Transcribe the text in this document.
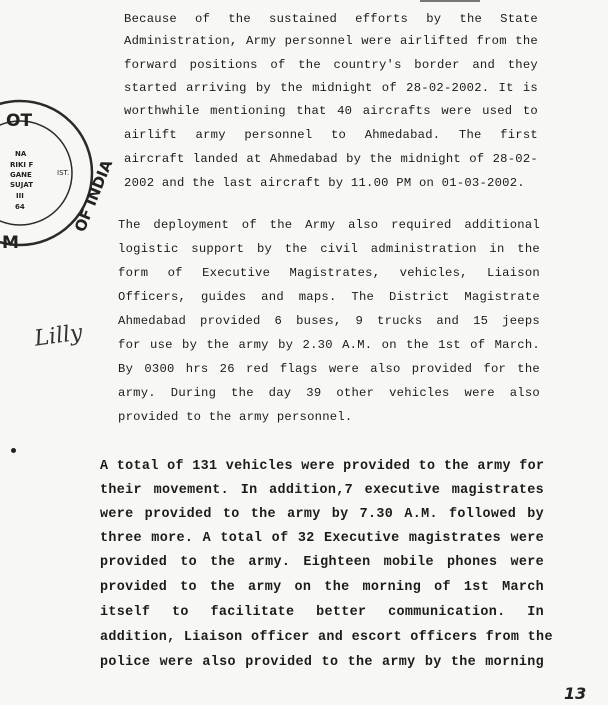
Because of the sustained efforts by the State
Administration, Army personnel were airlifted from the
forward positions of the country's border and they
started arriving by the midnight of 28-02-2002. It is
worthwhile mentioning that 40 aircrafts were used to
airlift army personnel to Ahmedabad. The first
aircraft landed at Ahmedabad by the midnight of 28-02-
2002 and the last aircraft by 11.00 PM on 01-03-2002.
The deployment of the Army also required additional
logistic support by the civil administration in the
form of Executive Magistrates, vehicles, Liaison
Officers, guides and maps. The District Magistrate
Ahmedabad provided 6 buses, 9 trucks and 15 jeeps
for use by the army by 2.30 A.M. on the 1st of March.
By 0300 hrs 26 red flags were also provided for the
army. During the day 39 other vehicles were also
provided to the army personnel.
A total of 131 vehicles were provided to the army for
their movement. In addition,7 executive magistrates
were provided to the army by 7.30 A.M. followed by
three more. A total of 32 Executive magistrates were
provided to the army. Eighteen mobile phones were
provided to the army on the morning of 1st March
itself to facilitate better communication. In
addition, Liaison officer and escort officers from the
police were also provided to the army by the morning
OT
OF INDIA
M
IST.
NA
RIKI F
GANE
SUJAT
III
64
Lilly
13
